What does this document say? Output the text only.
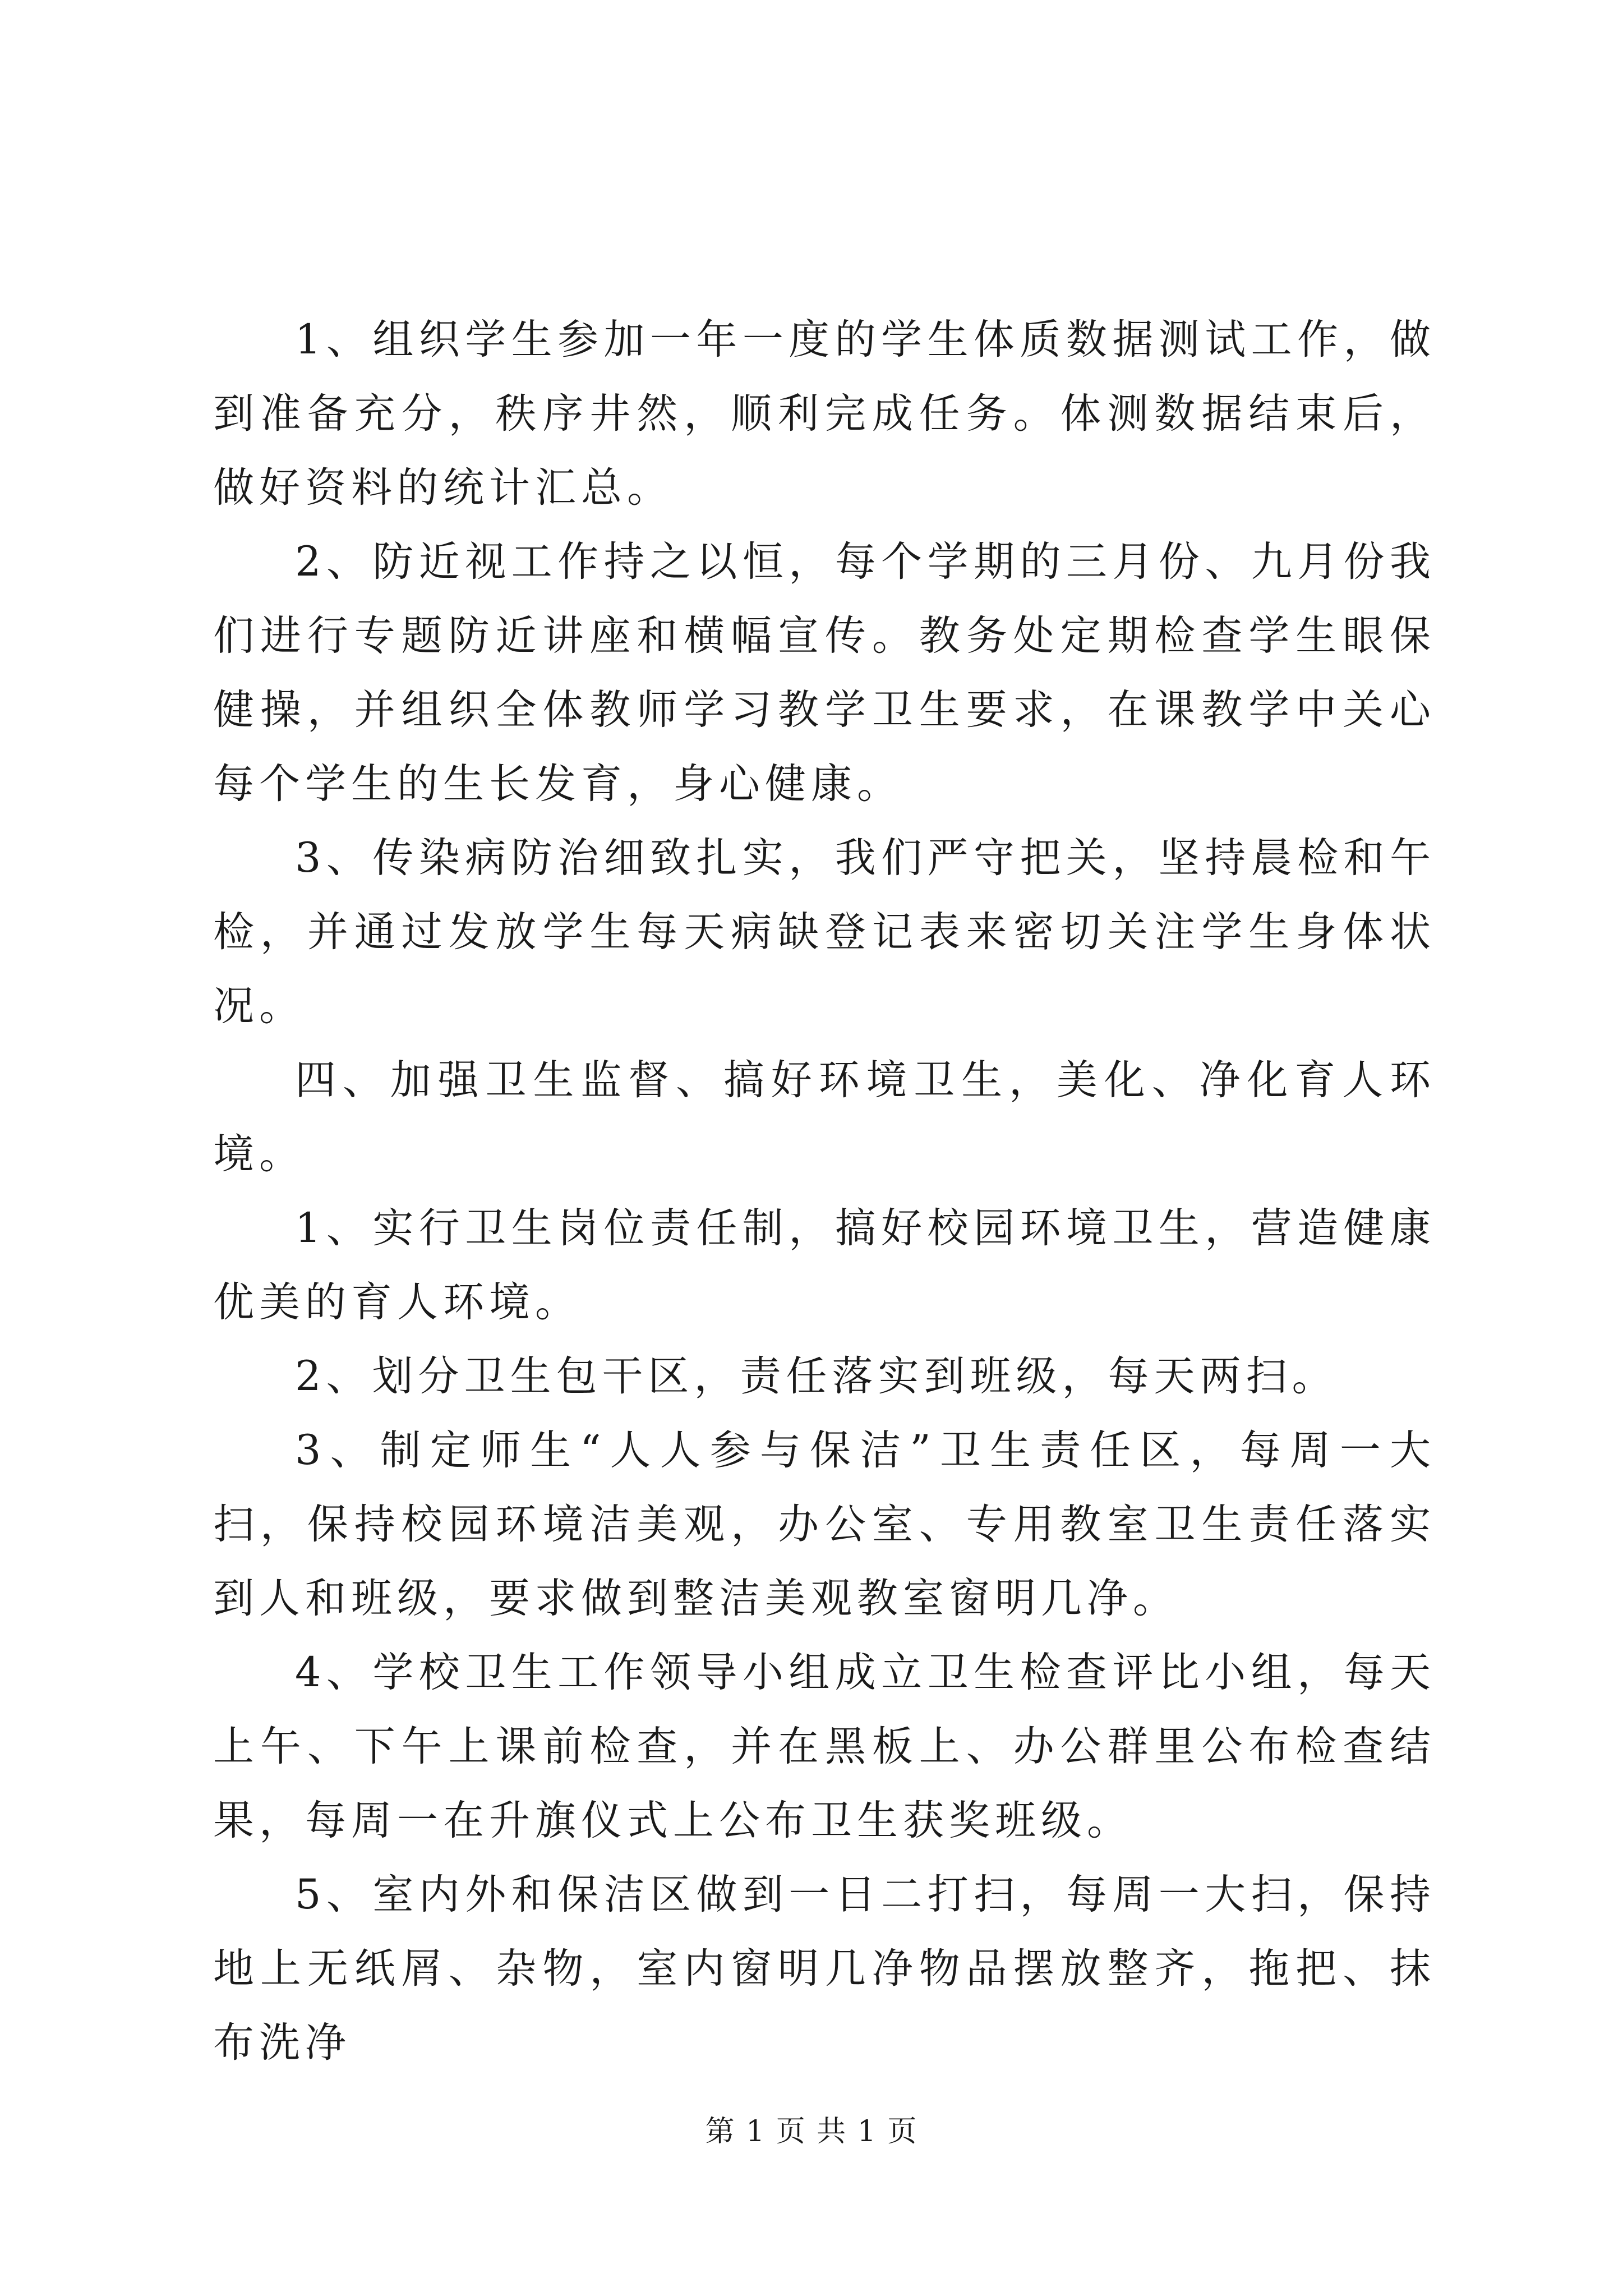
1、组织学生参加一年一度的学生体质数据测试工作，做到准备充分，秩序井然，顺利完成任务。体测数据结束后，做好资料的统计汇总。

2、防近视工作持之以恒，每个学期的三月份、九月份我们进行专题防近讲座和横幅宣传。教务处定期检查学生眼保健操，并组织全体教师学习教学卫生要求，在课教学中关心每个学生的生长发育，身心健康。

3、传染病防治细致扎实，我们严守把关，坚持晨检和午检，并通过发放学生每天病缺登记表来密切关注学生身体状况。

四、加强卫生监督、搞好环境卫生，美化、净化育人环境。

1、实行卫生岗位责任制，搞好校园环境卫生，营造健康优美的育人环境。

2、划分卫生包干区，责任落实到班级，每天两扫。

3、制定师生“人人参与保洁”卫生责任区，每周一大扫，保持校园环境洁美观，办公室、专用教室卫生责任落实到人和班级，要求做到整洁美观教室窗明几净。

4、学校卫生工作领导小组成立卫生检查评比小组，每天上午、下午上课前检查，并在黑板上、办公群里公布检查结果，每周一在升旗仪式上公布卫生获奖班级。

5、室内外和保洁区做到一日二打扫，每周一大扫，保持地上无纸屑、杂物，室内窗明几净物品摆放整齐，拖把、抹布洗净

第 1 页 共 1 页
